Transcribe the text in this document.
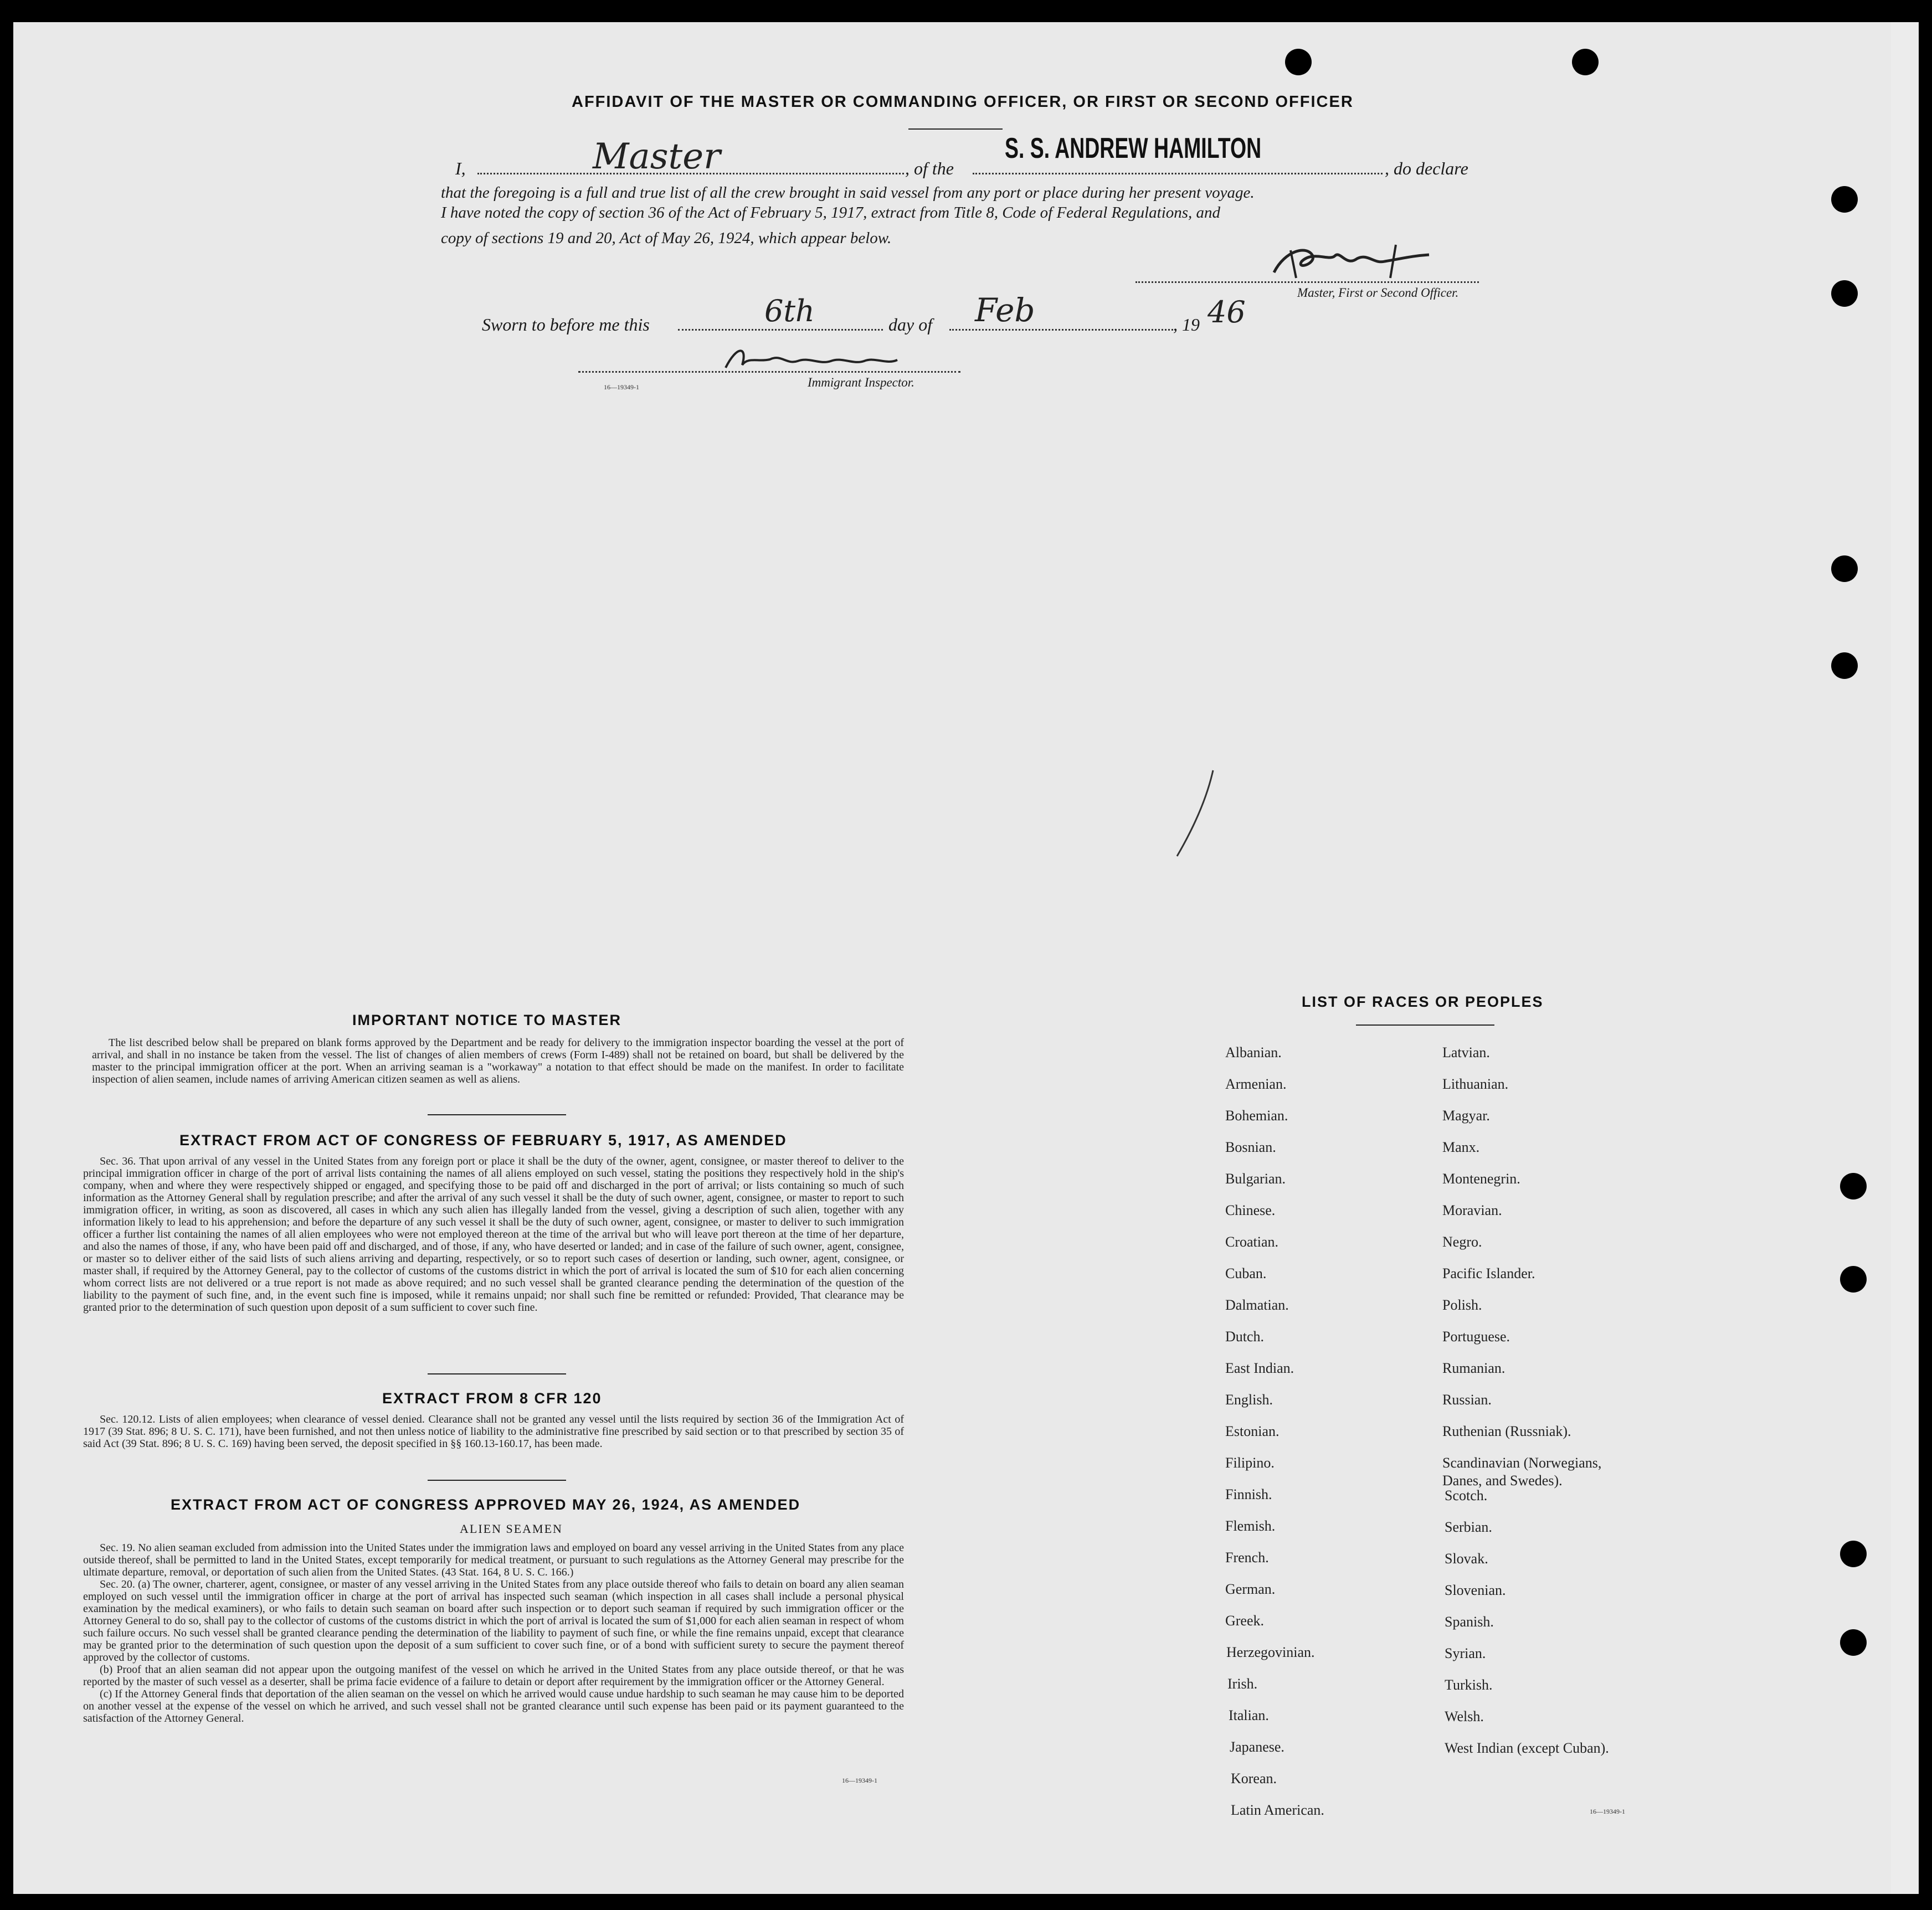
AFFIDAVIT OF THE MASTER OR COMMANDING OFFICER, OR FIRST OR SECOND OFFICER
I,	Master	, of the
S. S. ANDREW HAMILTON
, do declare
that the foregoing is a full and true list of all the crew brought in said vessel from any port or place during her present voyage.
I have noted the copy of section 36 of the Act of February 5, 1917, extract from Title 8, Code of Federal Regulations, and
copy of sections 19 and 20, Act of May 26, 1924, which appear below.
Master, First or Second Officer.
Sworn to before me this	6th	day of Feb	, 19 46
Immigrant Inspector.
16—19349-1
IMPORTANT NOTICE TO MASTER

The list described below shall be prepared on blank forms approved by the Department and be ready for delivery to the immigration inspector boarding the vessel at the port of arrival, and shall in no instance be taken from the vessel. The list of changes of alien members of crews (Form I-489) shall not be retained on board, but shall be delivered by the master to the principal immigration officer at the port. When an arriving seaman is a "workaway" a notation to that effect should be made on the manifest. In order to facilitate inspection of alien seamen, include names of arriving American citizen seamen as well as aliens.

EXTRACT FROM ACT OF CONGRESS OF FEBRUARY 5, 1917, AS AMENDED

Sec. 36. That upon arrival of any vessel in the United States from any foreign port or place it shall be the duty of the owner, agent, consignee, or master thereof to deliver to the principal immigration officer in charge of the port of arrival lists containing the names of all aliens employed on such vessel, stating the positions they respectively hold in the ship's company, when and where they were respectively shipped or engaged, and specifying those to be paid off and discharged in the port of arrival; or lists containing so much of such information as the Attorney General shall by regulation prescribe; and after the arrival of any such vessel it shall be the duty of such owner, agent, consignee, or master to report to such immigration officer, in writing, as soon as discovered, all cases in which any such alien has illegally landed from the vessel, giving a description of such alien, together with any information likely to lead to his apprehension; and before the departure of any such vessel it shall be the duty of such owner, agent, consignee, or master to deliver to such immigration officer a further list containing the names of all alien employees who were not employed thereon at the time of the arrival but who will leave port thereon at the time of her departure, and also the names of those, if any, who have been paid off and discharged, and of those, if any, who have deserted or landed; and in case of the failure of such owner, agent, consignee, or master so to deliver either of the said lists of such aliens arriving and departing, respectively, or so to report such cases of desertion or landing, such owner, agent, consignee, or master shall, if required by the Attorney General, pay to the collector of customs of the customs district in which the port of arrival is located the sum of $10 for each alien concerning whom correct lists are not delivered or a true report is not made as above required; and no such vessel shall be granted clearance pending the determination of the question of the liability to the payment of such fine, and, in the event such fine is imposed, while it remains unpaid; nor shall such fine be remitted or refunded: Provided, That clearance may be granted prior to the determination of such question upon deposit of a sum sufficient to cover such fine.

EXTRACT FROM 8 CFR 120

Sec. 120.12. Lists of alien employees; when clearance of vessel denied. Clearance shall not be granted any vessel until the lists required by section 36 of the Immigration Act of 1917 (39 Stat. 896; 8 U. S. C. 171), have been furnished, and not then unless notice of liability to the administrative fine prescribed by said section or to that prescribed by section 35 of said Act (39 Stat. 896; 8 U. S. C. 169) having been served, the deposit specified in §§ 160.13-160.17, has been made.

EXTRACT FROM ACT OF CONGRESS APPROVED MAY 26, 1924, AS AMENDED
ALIEN SEAMEN

Sec. 19. No alien seaman excluded from admission into the United States under the immigration laws and employed on board any vessel arriving in the United States from any place outside thereof, shall be permitted to land in the United States, except temporarily for medical treatment, or pursuant to such regulations as the Attorney General may prescribe for the ultimate departure, removal, or deportation of such alien from the United States. (43 Stat. 164, 8 U. S. C. 166.)

Sec. 20. (a) The owner, charterer, agent, consignee, or master of any vessel arriving in the United States from any place outside thereof who fails to detain on board any alien seaman employed on such vessel until the immigration officer in charge at the port of arrival has inspected such seaman (which inspection in all cases shall include a personal physical examination by the medical examiners), or who fails to detain such seaman on board after such inspection or to deport such seaman if required by such immigration officer or the Attorney General to do so, shall pay to the collector of customs of the customs district in which the port of arrival is located the sum of $1,000 for each alien seaman in respect of whom such failure occurs. No such vessel shall be granted clearance pending the determination of the liability to payment of such fine, or while the fine remains unpaid, except that clearance may be granted prior to the determination of such question upon the deposit of a sum sufficient to cover such fine, or of a bond with sufficient surety to secure the payment thereof approved by the collector of customs.

(b) Proof that an alien seaman did not appear upon the outgoing manifest of the vessel on which he arrived in the United States from any place outside thereof, or that he was reported by the master of such vessel as a deserter, shall be prima facie evidence of a failure to detain or deport after requirement by the immigration officer or the Attorney General.

(c) If the Attorney General finds that deportation of the alien seaman on the vessel on which he arrived would cause undue hardship to such seaman he may cause him to be deported on another vessel at the expense of the vessel on which he arrived, and such vessel shall not be granted clearance until such expense has been paid or its payment guaranteed to the satisfaction of the Attorney General.

16—19349-1
LIST OF RACES OR PEOPLES
Albanian.
Armenian.
Bohemian.
Bosnian.
Bulgarian.
Chinese.
Croatian.
Cuban.
Dalmatian.
Dutch.
East Indian.
English.
Estonian.
Filipino.
Finnish.
Flemish.
French.
German.
Greek.
Herzegovinian.
Irish.
Italian.
Japanese.
Korean.
Latin American.
Latvian.
Lithuanian.
Magyar.
Manx.
Montenegrin.
Moravian.
Negro.
Pacific Islander.
Polish.
Portuguese.
Rumanian.
Russian.
Ruthenian (Russniak).
Scandinavian (Norwegians,
Danes, and Swedes).
Scotch.
Serbian.
Slovak.
Slovenian.
Spanish.
Syrian.
Turkish.
Welsh.
West Indian (except Cuban).
16—19349-1
